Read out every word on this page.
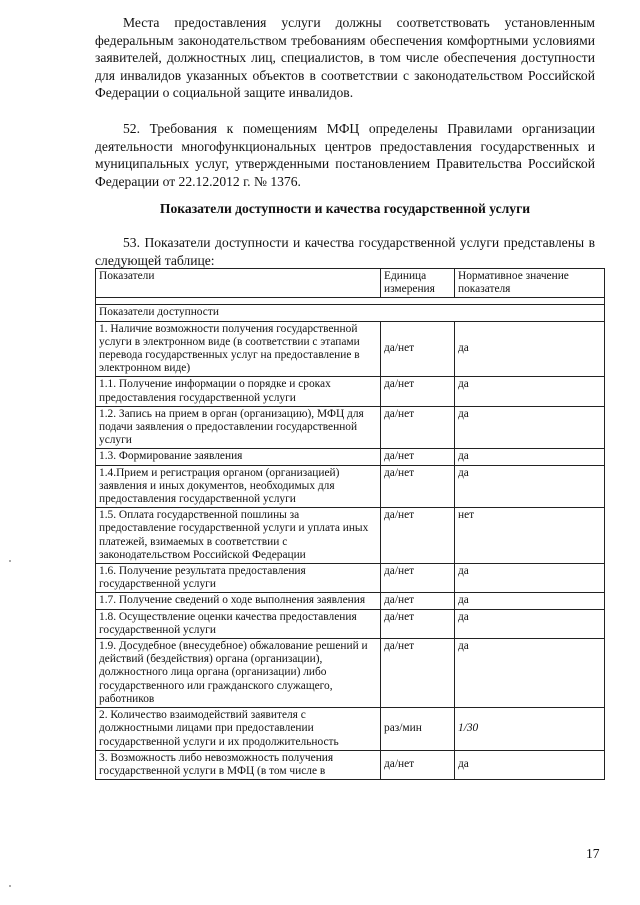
Места предоставления услуги должны соответствовать установленным федеральным законодательством требованиям обеспечения комфортными условиями заявителей, должностных лиц, специалистов, в том числе обеспечения доступности для инвалидов указанных объектов в соответствии с законодательством Российской Федерации о социальной защите инвалидов.

52. Требования к помещениям МФЦ определены Правилами организации деятельности многофункциональных центров предоставления государственных и муниципальных услуг, утвержденными постановлением Правительства Российской Федерации от 22.12.2012 г. № 1376.

Показатели доступности и качества государственной услуги

53. Показатели доступности и качества государственной услуги представлены в следующей таблице:

Показатели	Единица измерения	Нормативное значение показателя

Показатели доступности		
1. Наличие возможности получения государственной услуги в электронном виде (в соответствии с этапами перевода государственных услуг на предоставление в электронном виде)	да/нет	да
1.1. Получение информации о порядке и сроках предоставления государственной услуги	да/нет	да
1.2. Запись на прием в орган (организацию), МФЦ для подачи заявления о предоставлении государственной услуги	да/нет	да
1.3. Формирование заявления	да/нет	да
1.4.Прием и регистрация органом (организацией) заявления и иных документов, необходимых для предоставления государственной услуги	да/нет	да
1.5. Оплата государственной пошлины за предоставление государственной услуги и уплата иных платежей, взимаемых в соответствии с законодательством Российской Федерации	да/нет	нет
1.6. Получение результата предоставления государственной услуги	да/нет	да
1.7. Получение сведений о ходе выполнения заявления	да/нет	да
1.8. Осуществление оценки качества предоставления государственной услуги	да/нет	да
1.9. Досудебное (внесудебное) обжалование решений и действий (бездействия) органа (организации), должностного лица органа (организации) либо государственного или гражданского служащего, работников	да/нет	да
2. Количество взаимодействий заявителя с должностными лицами при предоставлении государственной услуги и их продолжительность	раз/мин	1/30
3. Возможность либо невозможность получения государственной услуги в МФЦ (в том числе в	да/нет	да
17
